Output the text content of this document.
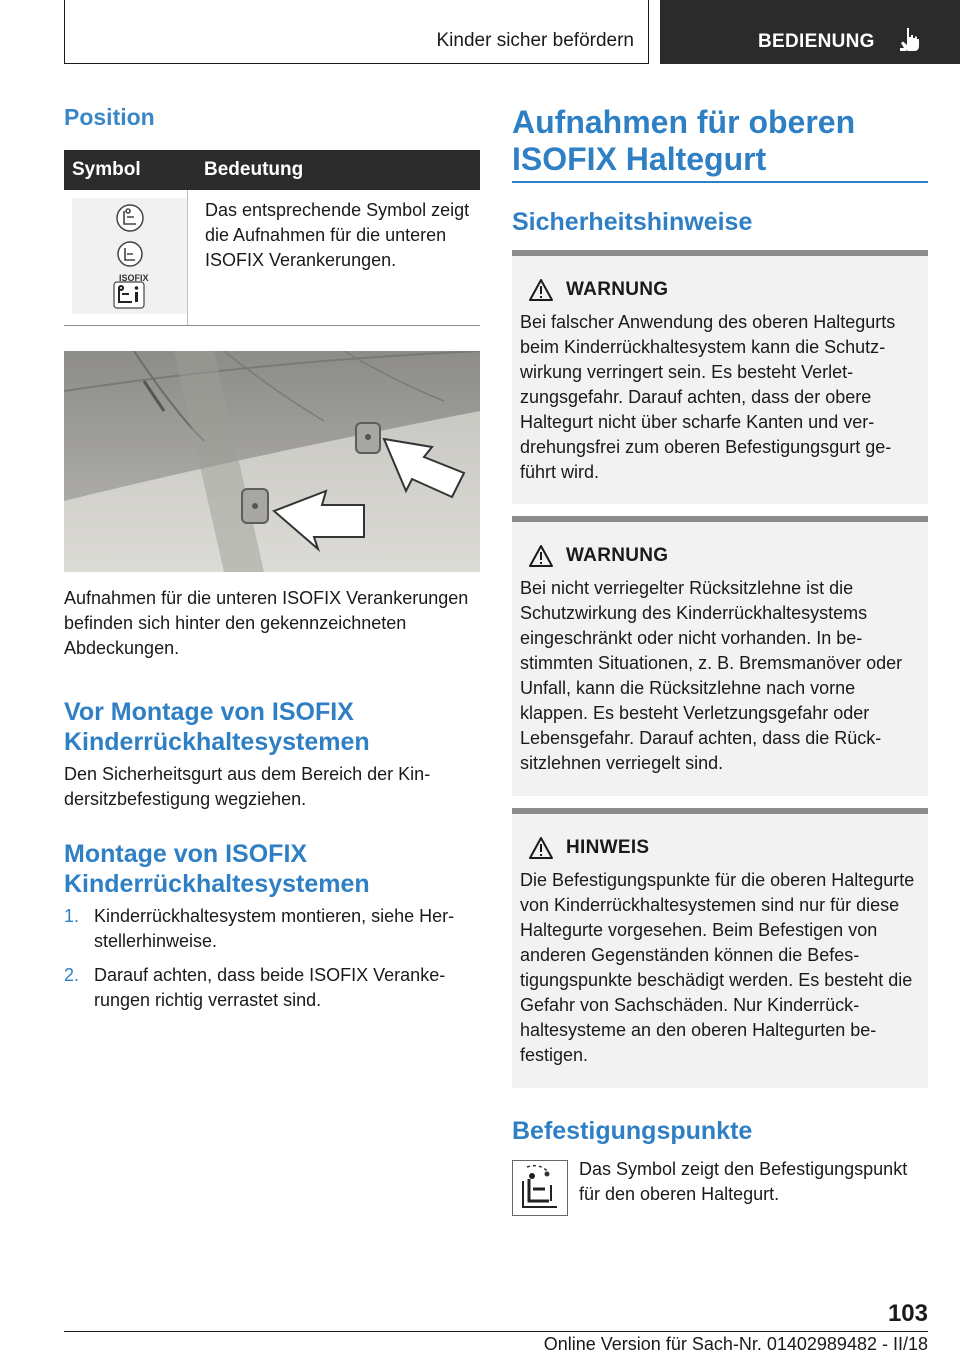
Kinder sicher befördern	BEDIENUNG
Position
Symbol	Bedeutung

ISOFIX	Das entsprechende Symbol zeigt die Aufnahmen für die unteren ISOFIX Verankerungen.
Aufnahmen für die unteren ISOFIX Verankerungen befinden sich hinter den gekennzeichneten Abdeckungen.
Vor Montage von ISOFIX Kinderrückhaltesystemen
Den Sicherheitsgurt aus dem Bereich der Kindersitzbefestigung wegziehen.
Montage von ISOFIX Kinderrückhaltesystemen
1. Kinderrückhaltesystem montieren, siehe Herstellerhinweise.
2. Darauf achten, dass beide ISOFIX Verankerungen richtig verrastet sind.
Aufnahmen für oberen ISOFIX Haltegurt
Sicherheitshinweise
WARNUNG
Bei falscher Anwendung des oberen Haltegurts beim Kinderrückhaltesystem kann die Schutzwirkung verringert sein. Es besteht Verletzungsgefahr. Darauf achten, dass der obere Haltegurt nicht über scharfe Kanten und verdrehungsfrei zum oberen Befestigungsgurt geführt wird.
WARNUNG
Bei nicht verriegelter Rücksitzlehne ist die Schutzwirkung des Kinderrückhaltesystems eingeschränkt oder nicht vorhanden. In bestimmten Situationen, z. B. Bremsmanöver oder Unfall, kann die Rücksitzlehne nach vorne klappen. Es besteht Verletzungsgefahr oder Lebensgefahr. Darauf achten, dass die Rücksitzlehnen verriegelt sind.
HINWEIS
Die Befestigungspunkte für die oberen Haltegurte von Kinderrückhaltesystemen sind nur für diese Haltegurte vorgesehen. Beim Befestigen von anderen Gegenständen können die Befestigungspunkte beschädigt werden. Es besteht die Gefahr von Sachschäden. Nur Kinderrückhaltesysteme an den oberen Haltegurten befestigen.
Befestigungspunkte
Das Symbol zeigt den Befestigungspunkt für den oberen Haltegurt.
103
Online Version für Sach-Nr. 01402989482 - II/18
